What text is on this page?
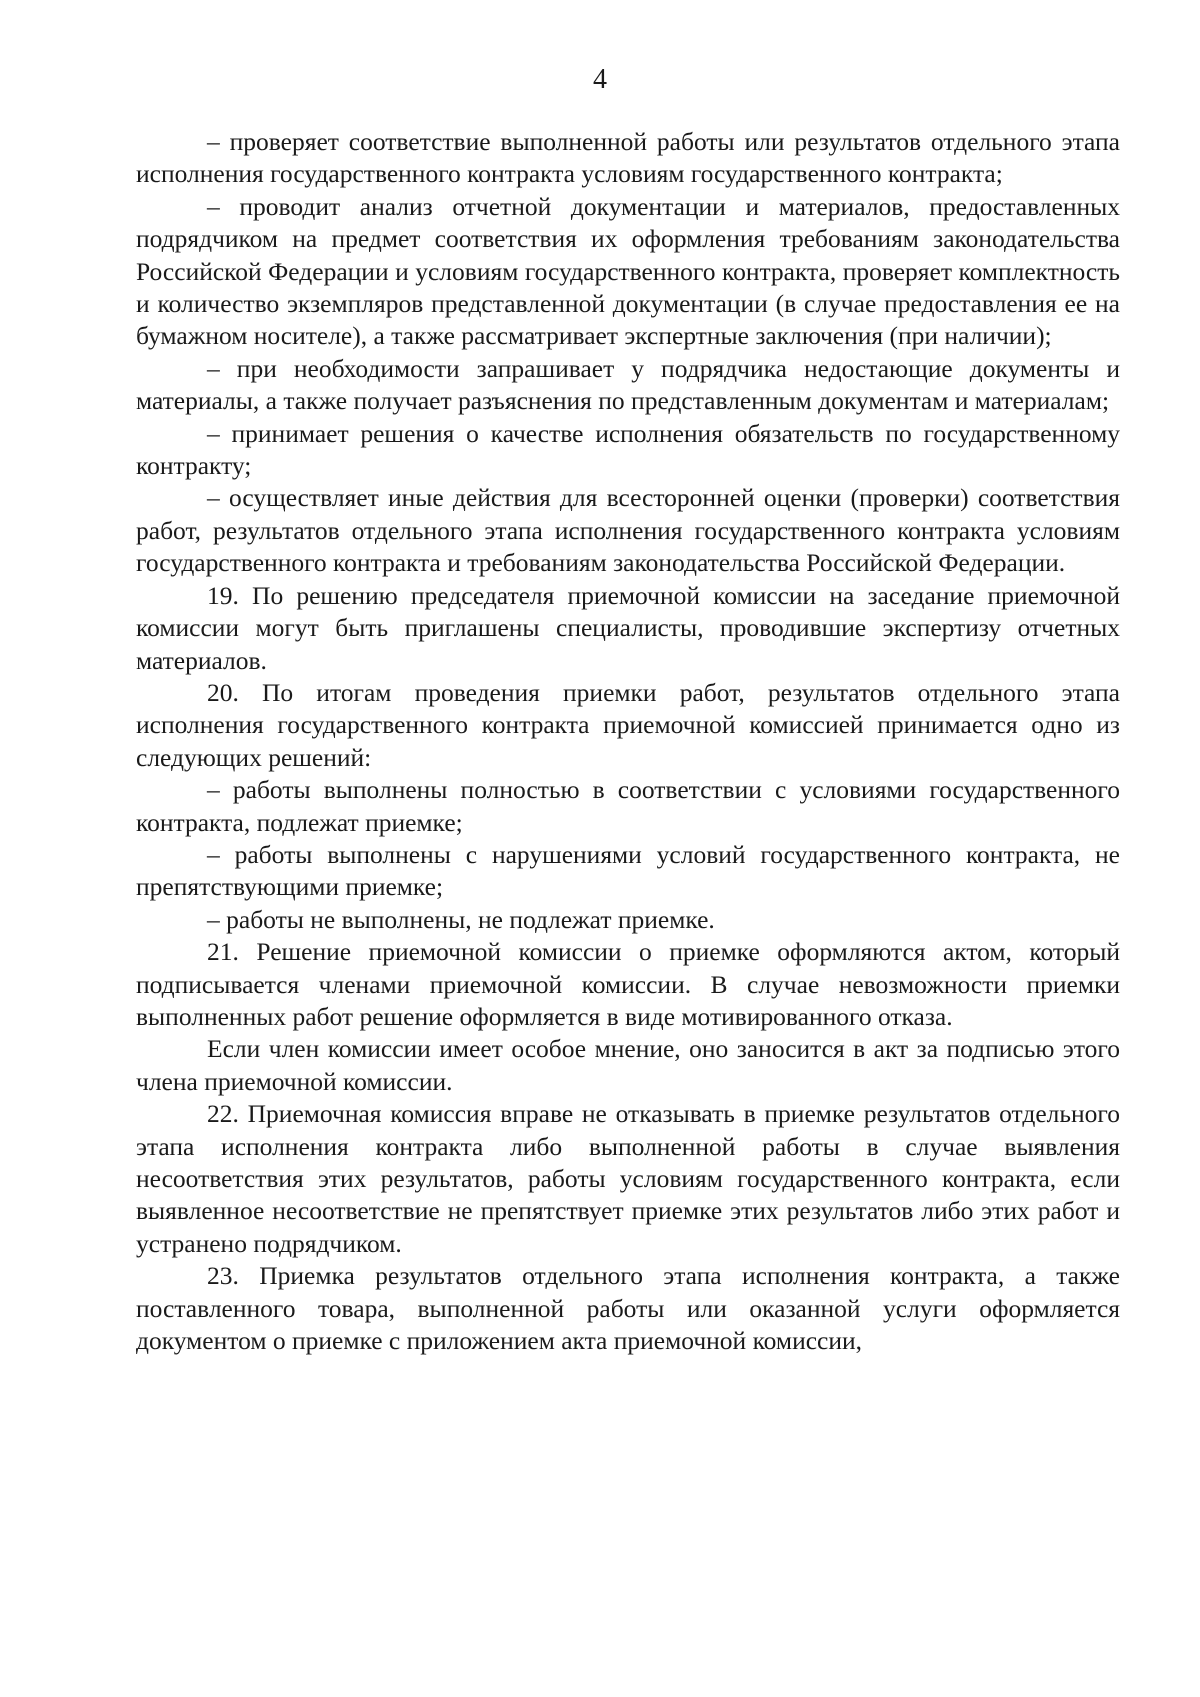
4

– проверяет соответствие выполненной работы или результатов отдельного этапа исполнения государственного контракта условиям государственного контракта;

– проводит анализ отчетной документации и материалов, предоставленных подрядчиком на предмет соответствия их оформления требованиям законодательства Российской Федерации и условиям государственного контракта, проверяет комплектность и количество экземпляров представленной документации (в случае предоставления ее на бумажном носителе), а также рассматривает экспертные заключения (при наличии);

– при необходимости запрашивает у подрядчика недостающие документы и материалы, а также получает разъяснения по представленным документам и материалам;

– принимает решения о качестве исполнения обязательств по государственному контракту;

– осуществляет иные действия для всесторонней оценки (проверки) соответствия работ, результатов отдельного этапа исполнения государственного контракта условиям государственного контракта и требованиям законодательства Российской Федерации.

19. По решению председателя приемочной комиссии на заседание приемочной комиссии могут быть приглашены специалисты, проводившие экспертизу отчетных материалов.

20. По итогам проведения приемки работ, результатов отдельного этапа исполнения государственного контракта приемочной комиссией принимается одно из следующих решений:

– работы выполнены полностью в соответствии с условиями государственного контракта, подлежат приемке;

– работы выполнены с нарушениями условий государственного контракта, не препятствующими приемке;

– работы не выполнены, не подлежат приемке.

21. Решение приемочной комиссии о приемке оформляются актом, который подписывается членами приемочной комиссии. В случае невозможности приемки выполненных работ решение оформляется в виде мотивированного отказа.

Если член комиссии имеет особое мнение, оно заносится в акт за подписью этого члена приемочной комиссии.

22. Приемочная комиссия вправе не отказывать в приемке результатов отдельного этапа исполнения контракта либо выполненной работы в случае выявления несоответствия этих результатов, работы условиям государственного контракта, если выявленное несоответствие не препятствует приемке этих результатов либо этих работ и устранено подрядчиком.

23. Приемка результатов отдельного этапа исполнения контракта, а также поставленного товара, выполненной работы или оказанной услуги оформляется документом о приемке с приложением акта приемочной комиссии,
